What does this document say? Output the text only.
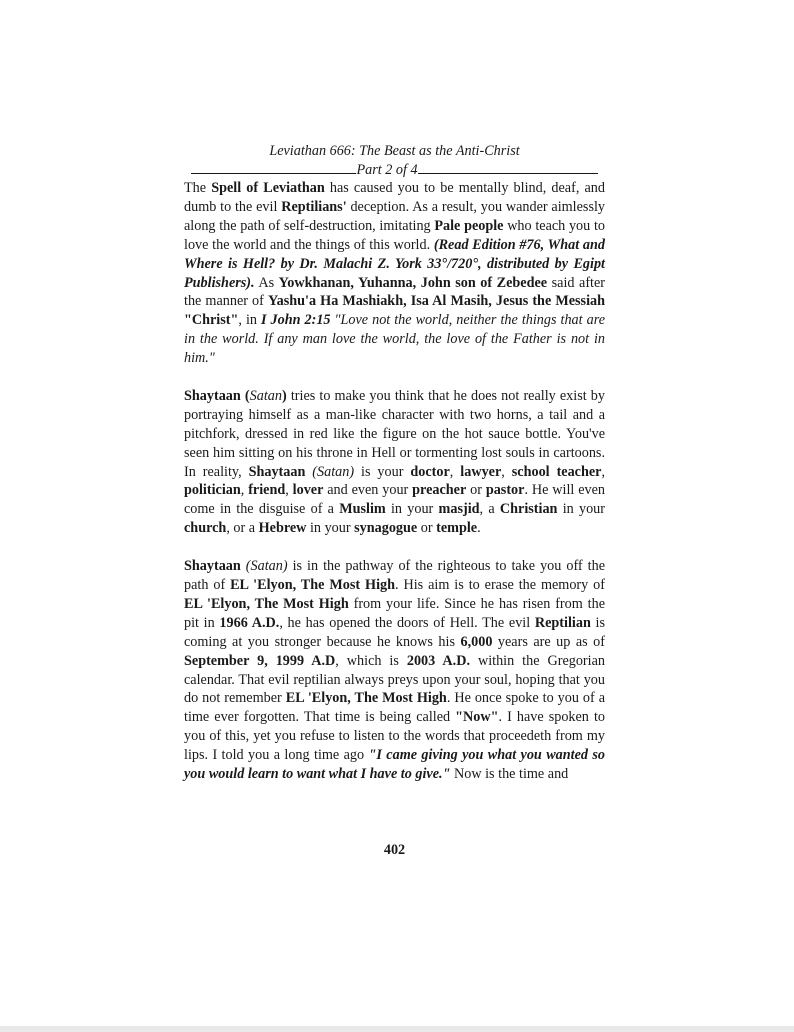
Leviathan 666: The Beast as the Anti-Christ
Part 2 of 4

The Spell of Leviathan has caused you to be mentally blind, deaf, and dumb to the evil Reptilians' deception. As a result, you wander aimlessly along the path of self-destruction, imitating Pale people who teach you to love the world and the things of this world. (Read Edition #76, What and Where is Hell? by Dr. Malachi Z. York 33°/720°, distributed by Egipt Publishers). As Yowkhanan, Yuhanna, John son of Zebedee said after the manner of Yashu'a Ha Mashiakh, Isa Al Masih, Jesus the Messiah "Christ", in I John 2:15 "Love not the world, neither the things that are in the world. If any man love the world, the love of the Father is not in him."

Shaytaan (Satan) tries to make you think that he does not really exist by portraying himself as a man-like character with two horns, a tail and a pitchfork, dressed in red like the figure on the hot sauce bottle. You've seen him sitting on his throne in Hell or tormenting lost souls in cartoons. In reality, Shaytaan (Satan) is your doctor, lawyer, school teacher, politician, friend, lover and even your preacher or pastor. He will even come in the disguise of a Muslim in your masjid, a Christian in your church, or a Hebrew in your synagogue or temple.

Shaytaan (Satan) is in the pathway of the righteous to take you off the path of EL 'Elyon, The Most High. His aim is to erase the memory of EL 'Elyon, The Most High from your life. Since he has risen from the pit in 1966 A.D., he has opened the doors of Hell. The evil Reptilian is coming at you stronger because he knows his 6,000 years are up as of September 9, 1999 A.D, which is 2003 A.D. within the Gregorian calendar. That evil reptilian always preys upon your soul, hoping that you do not remember EL 'Elyon, The Most High. He once spoke to you of a time ever forgotten. That time is being called "Now". I have spoken to you of this, yet you refuse to listen to the words that proceedeth from my lips. I told you a long time ago "I came giving you what you wanted so you would learn to want what I have to give." Now is the time and

402
